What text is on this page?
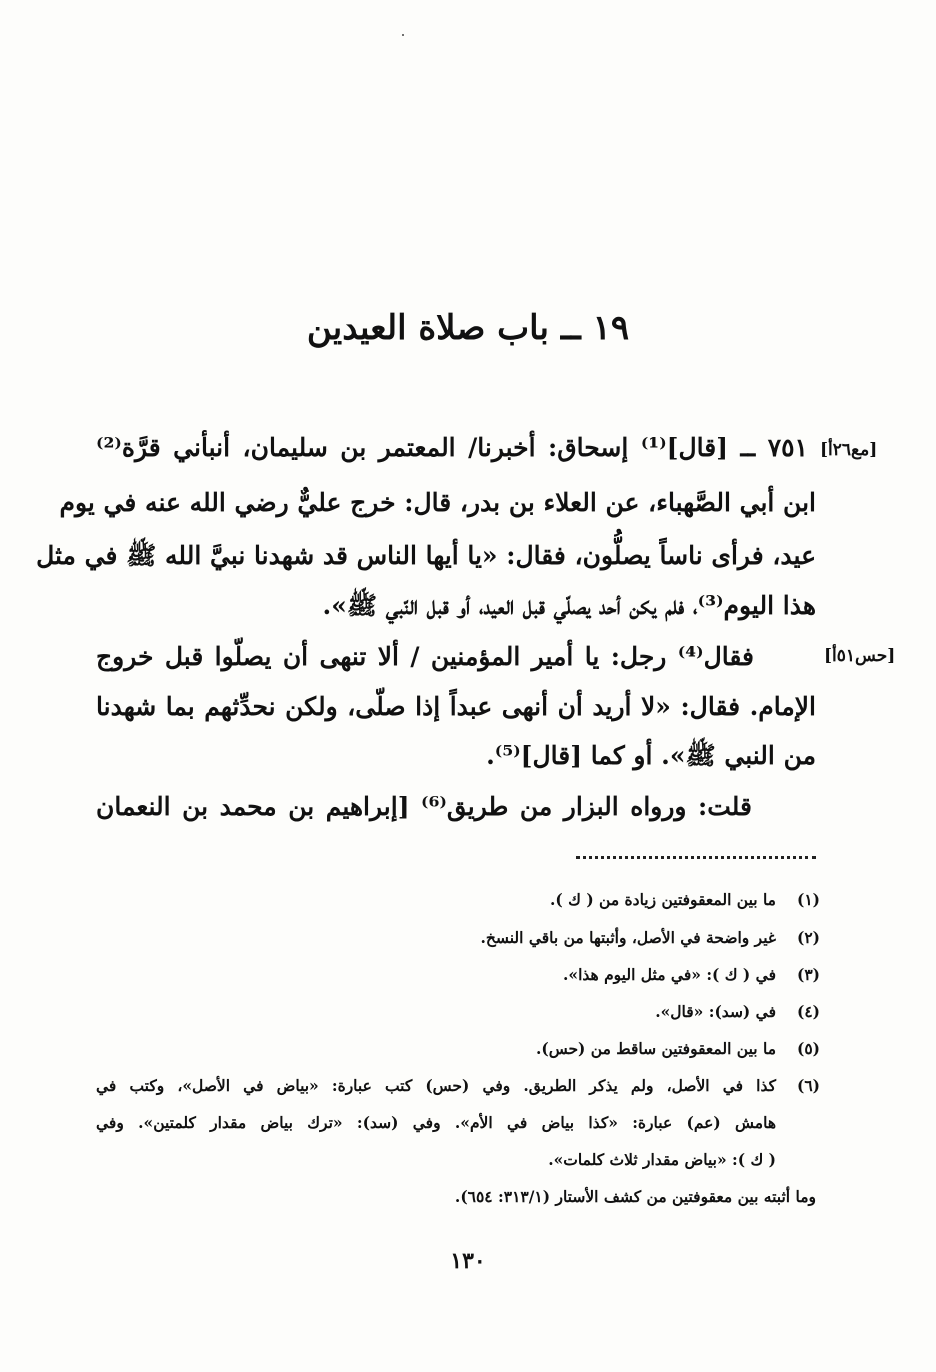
١٩ ــ باب صلاة العيدين
[مع٢٦أ]
[حس٥١أ]
٧٥١ ــ [قال]⁽¹⁾ إسحاق: أخبرنا/ المعتمر بن سليمان، أنبأني قرَّة⁽²⁾
ابن أبي الصَّهباء، عن العلاء بن بدر، قال: خرج عليٌّ رضي الله عنه في يوم
عيد، فرأى ناساً يصلُّون، فقال: «يا أيها الناس قد شهدنا نبيَّ الله ﷺ في مثل
هذا اليوم⁽³⁾، فلم يكن أحد يصلّي قبل العيد، أو قبل النّبي ﷺ».
فقال⁽⁴⁾ رجل: يا أمير المؤمنين / ألا تنهى أن يصلّوا قبل خروج
الإمام. فقال: «لا أريد أن أنهى عبداً إذا صلّى، ولكن نحدِّثهم بما شهدنا
من النبي ﷺ». أو كما [قال]⁽⁵⁾.
قلت: ورواه البزار من طريق⁽⁶⁾ [إبراهيم بن محمد بن النعمان
(١)ما بين المعقوفتين زيادة من ( ك ).
(٢)غير واضحة في الأصل، وأثبتها من باقي النسخ.
(٣)في ( ك ): «في مثل اليوم هذا».
(٤)في (سد): «قال».
(٥)ما بين المعقوفتين ساقط من (حس).
(٦)كذا في الأصل، ولم يذكر الطريق. وفي (حس) كتب عبارة: «بياض في الأصل»، وكتب في
هامش (عم) عبارة: «كذا بياض في الأم». وفي (سد): «ترك بياض مقدار كلمتين». وفي
( ك ): «بياض مقدار ثلاث كلمات».
وما أثبته بين معقوفتين من كشف الأستار (٣١٣/١: ٦٥٤).
١٣٠
